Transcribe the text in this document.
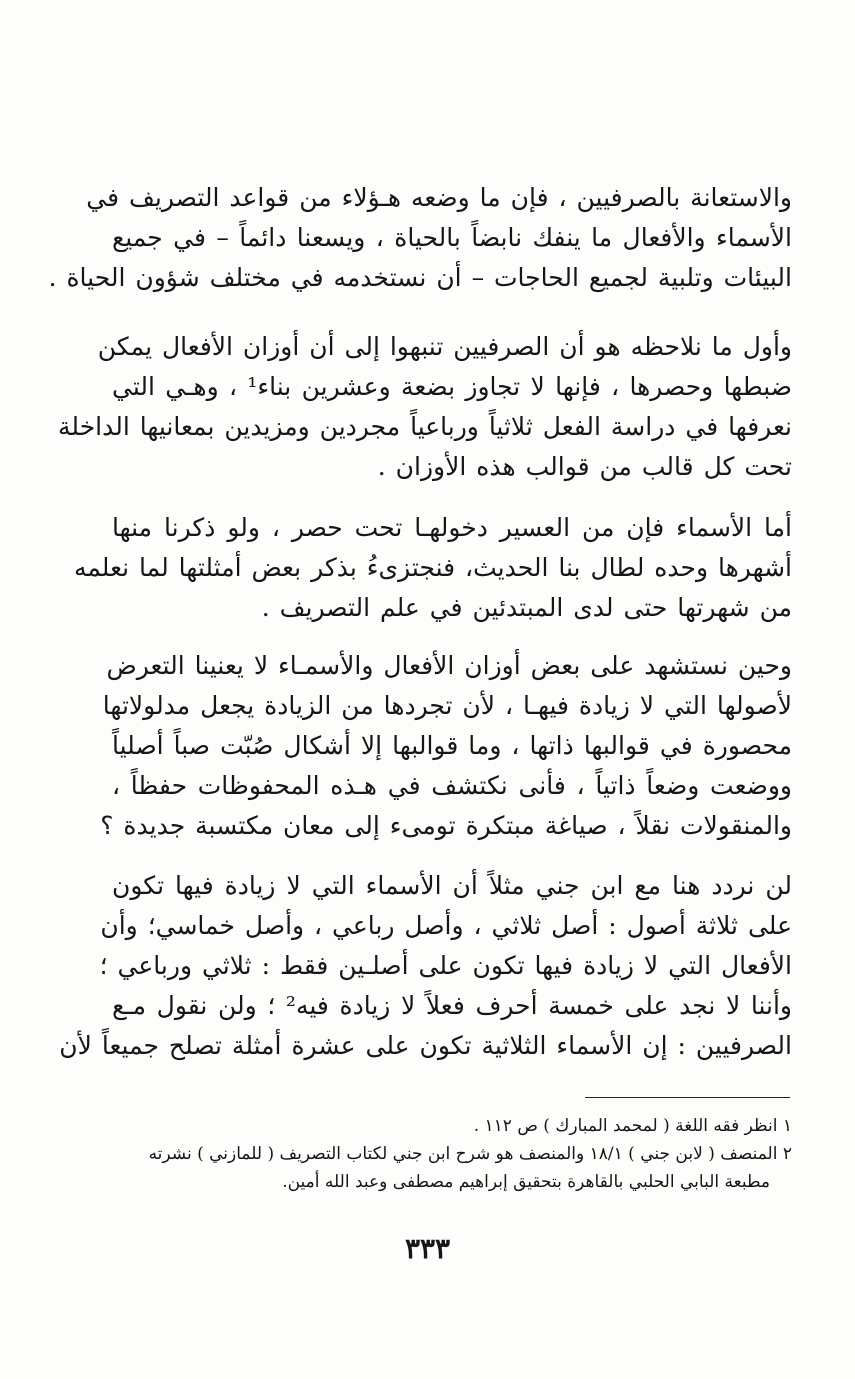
والاستعانة بالصرفيين ، فإن ما وضعه هـؤلاء من قواعد التصريف في
الأسماء والأفعال ما ينفك نابضاً بالحياة ، ويسعنا دائماً – في جميع
البيئات وتلبية لجميع الحاجات – أن نستخدمه في مختلف شؤون الحياة .

وأول ما نلاحظه هو أن الصرفيين تنبهوا إلى أن أوزان الأفعال يمكن
ضبطها وحصرها ، فإنها لا تجاوز بضعة وعشرين بناء¹ ، وهـي التي
نعرفها في دراسة الفعل ثلاثياً ورباعياً مجردين ومزيدين بمعانيها الداخلة
تحت كل قالب من قوالب هذه الأوزان .

أما الأسماء فإن من العسير دخولهـا تحت حصر ، ولو ذكرنا منها
أشهرها وحده لطال بنا الحديث، فنجتزىءُ بذكر بعض أمثلتها لما نعلمه
من شهرتها حتى لدى المبتدئين في علم التصريف .

وحين نستشهد على بعض أوزان الأفعال والأسمـاء لا يعنينا التعرض
لأصولها التي لا زيادة فيهـا ، لأن تجردها من الزيادة يجعل مدلولاتها
محصورة في قوالبها ذاتها ، وما قوالبها إلا أشكال صُبّت صباً أصلياً
ووضعت وضعاً ذاتياً ، فأنى نكتشف في هـذه المحفوظات حفظاً ،
والمنقولات نقلاً ، صياغة مبتكرة تومىء إلى معان مكتسبة جديدة ؟

لن نردد هنا مع ابن جني مثلاً أن الأسماء التي لا زيادة فيها تكون
على ثلاثة أصول : أصل ثلاثي ، وأصل رباعي ، وأصل خماسي؛ وأن
الأفعال التي لا زيادة فيها تكون على أصلـين فقط : ثلاثي ورباعي ؛
وأننا لا نجد على خمسة أحرف فعلاً لا زيادة فيه² ؛ ولن نقول مـع
الصرفيين : إن الأسماء الثلاثية تكون على عشرة أمثلة تصلح جميعاً لأن

١ انظر فقه اللغة ( لمحمد المبارك ) ص ١١٢ .
٢ المنصف ( لابن جني ) ١٨/١ والمنصف هو شرح ابن جني لكتاب التصريف ( للمازني ) نشرته
مطبعة البابي الحلبي بالقاهرة بتحقيق إبراهيم مصطفى وعبد الله أمين.
٣٣٣
